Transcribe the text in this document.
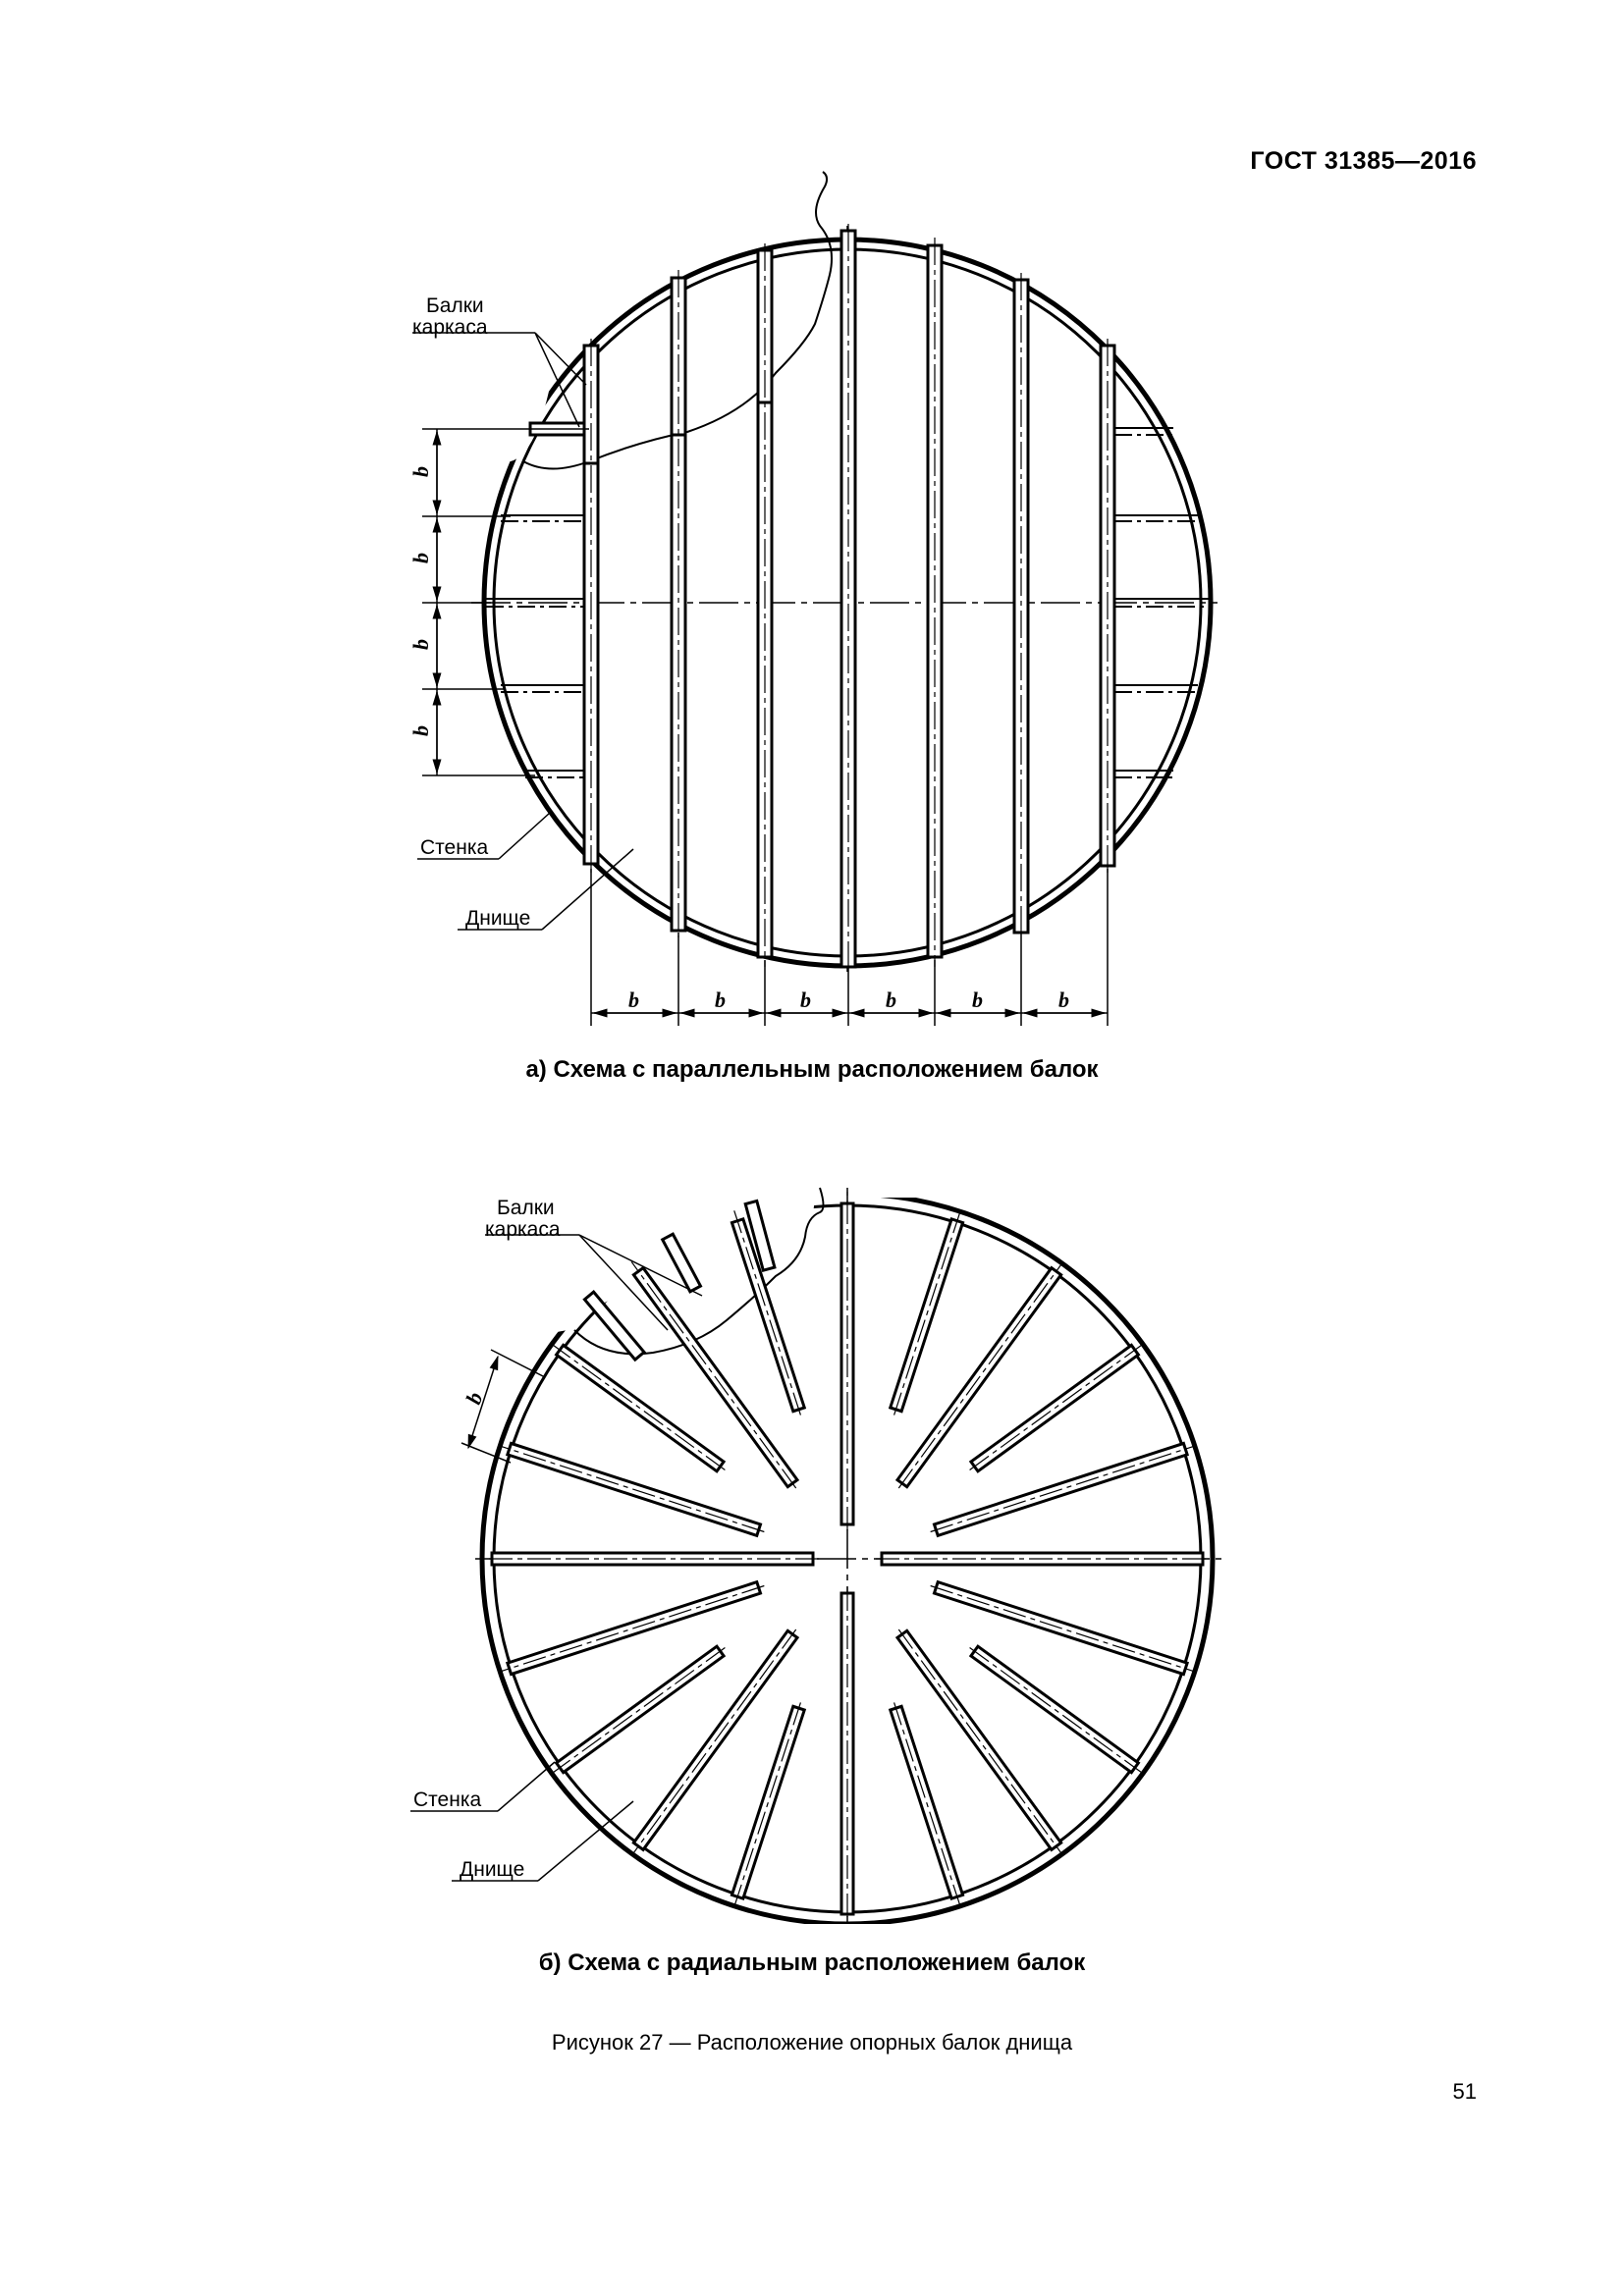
ГОСТ 31385—2016
b
b
b
b
b	b	b	b	b	b
Балки
каркаса
Стенка
Днище
а) Схема с параллельным расположением балок
b
Балки
каркаса
Стенка
Днище
б) Схема с радиальным расположением балок
Рисунок 27 — Расположение опорных балок днища
51
